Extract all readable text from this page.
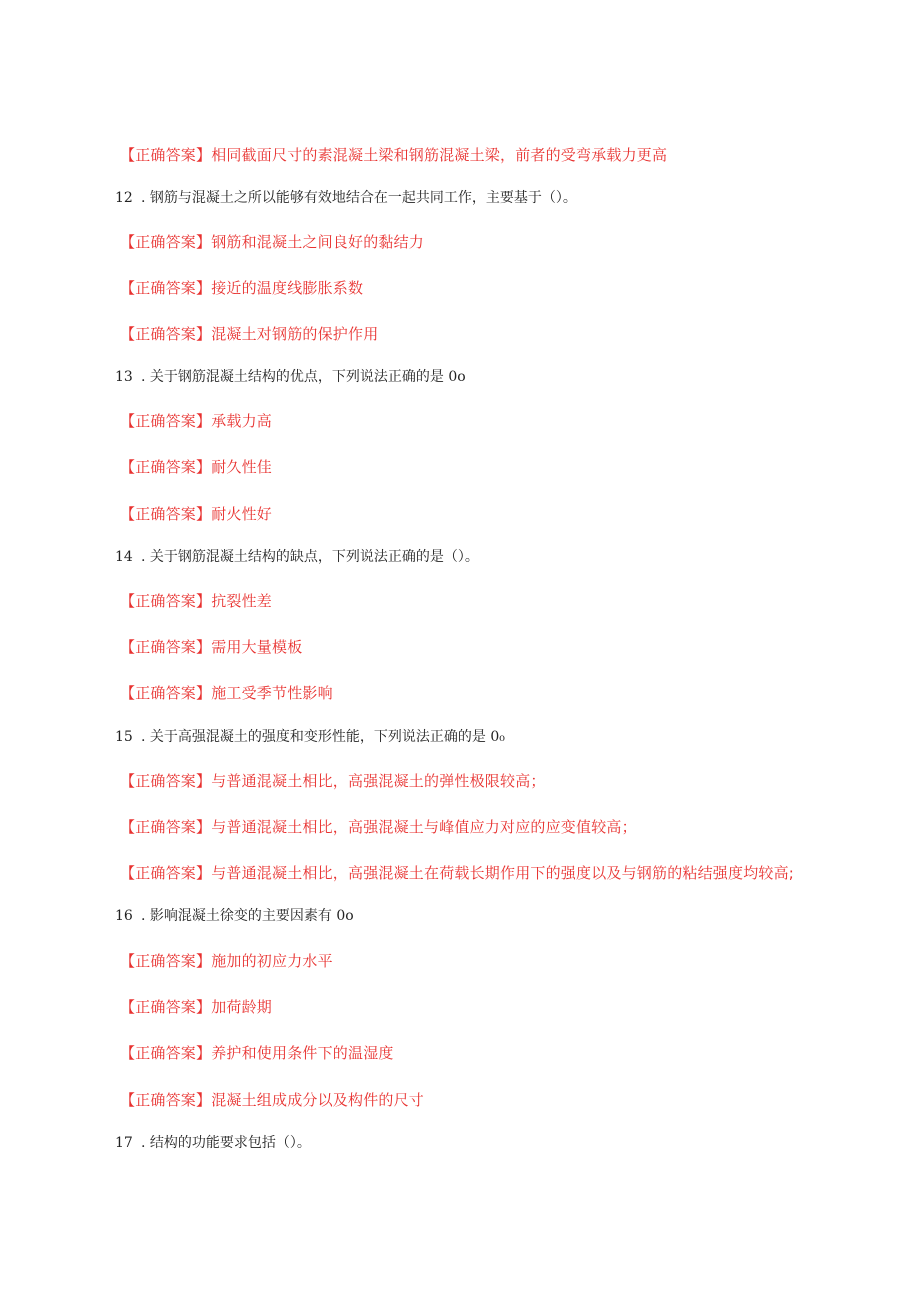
【正确答案】相同截面尺寸的素混凝土梁和钢筋混凝土梁，前者的受弯承载力更高
12 . 钢筋与混凝土之所以能够有效地结合在一起共同工作，主要基于（）。
【正确答案】钢筋和混凝土之间良好的黏结力
【正确答案】接近的温度线膨胀系数
【正确答案】混凝土对钢筋的保护作用
13 . 关于钢筋混凝土结构的优点，下列说法正确的是 0o
【正确答案】承载力高
【正确答案】耐久性佳
【正确答案】耐火性好
14 . 关于钢筋混凝土结构的缺点，下列说法正确的是（）。
【正确答案】抗裂性差
【正确答案】需用大量模板
【正确答案】施工受季节性影响
15 . 关于高强混凝土的强度和变形性能，下列说法正确的是 0₀
【正确答案】与普通混凝土相比，高强混凝土的弹性极限较高；
【正确答案】与普通混凝土相比，高强混凝土与峰值应力对应的应变值较高；
【正确答案】与普通混凝土相比，高强混凝土在荷载长期作用下的强度以及与钢筋的粘结强度均较高;
16 . 影响混凝土徐变的主要因素有 0o
【正确答案】施加的初应力水平
【正确答案】加荷龄期
【正确答案】养护和使用条件下的温湿度
【正确答案】混凝土组成成分以及构件的尺寸
17 . 结构的功能要求包括（）。
